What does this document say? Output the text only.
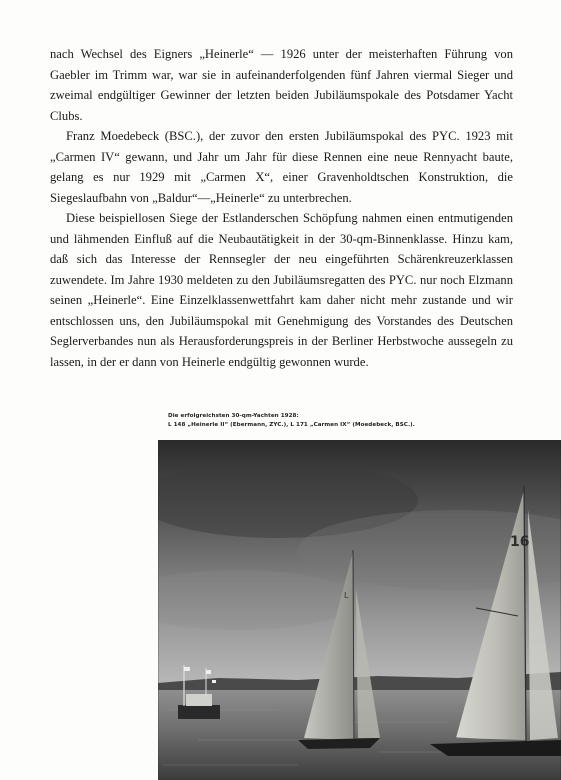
nach Wechsel des Eigners „Heinerle“ — 1926 unter der meisterhaften Führung von Gaebler im Trimm war, war sie in aufeinanderfolgenden fünf Jahren viermal Sieger und zweimal endgültiger Gewinner der letzten beiden Jubiläumspokale des Potsdamer Yacht Clubs.

Franz Moedebeck (BSC.), der zuvor den ersten Jubiläumspokal des PYC. 1923 mit „Carmen IV“ gewann, und Jahr um Jahr für diese Rennen eine neue Rennyacht baute, gelang es nur 1929 mit „Carmen X“, einer Gravenholdtschen Konstruktion, die Siegeslaufbahn von „Baldur“—„Heinerle“ zu unterbrechen.

Diese beispiellosen Siege der Estlanderschen Schöpfung nahmen einen entmutigenden und lähmenden Einfluß auf die Neubautätigkeit in der 30-qm-Binnenklasse. Hinzu kam, daß sich das Interesse der Rennsegler der neu eingeführten Schärenkreuzerklassen zuwendete. Im Jahre 1930 meldeten zu den Jubiläumsregatten des PYC. nur noch Elzmann seinen „Heinerle“. Eine Einzelklassenwettfahrt kam daher nicht mehr zustande und wir entschlossen uns, den Jubiläumspokal mit Genehmigung des Vorstandes des Deutschen Seglerverbandes nun als Herausforderungspreis in der Berliner Herbstwoche aussegeln zu lassen, in der er dann von Heinerle endgültig gewonnen wurde.

Die erfolgreichsten 30-qm-Yachten 1928:
L 148 „Heinerle II“ (Ebermann, ZYC.), L 171 „Carmen IX“ (Moedebeck, BSC.).
L
16
